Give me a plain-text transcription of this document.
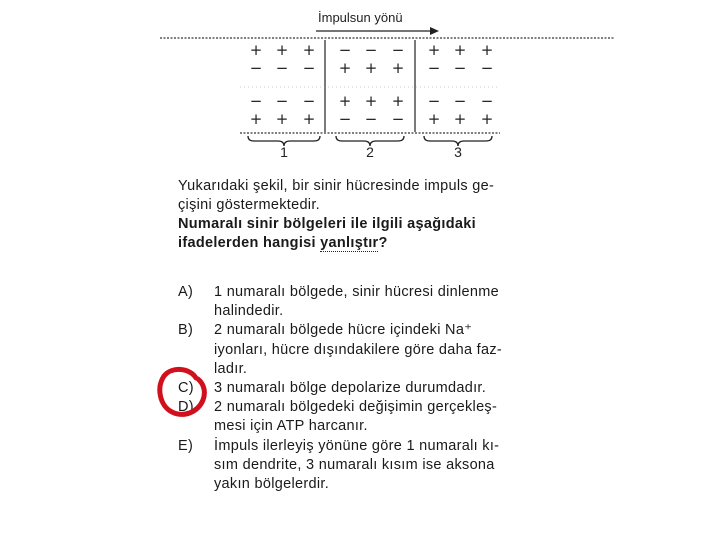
İmpulsun yönü
+ + + − − − + + +
− − − + + + − − −
− − − + + + − − −
+ + + − − − + + +
1	2	3
Yukarıdaki şekil, bir sinir hücresinde impuls ge-
çişini göstermektedir.
Numaralı sinir bölgeleri ile ilgili aşağıdaki
ifadelerden hangisi yanlıştır?
A) 1 numaralı bölgede, sinir hücresi dinlenme
halindedir.
B) 2 numaralı bölgede hücre içindeki Na⁺
iyonları, hücre dışındakilere göre daha faz-
ladır.
C) 3 numaralı bölge depolarize durumdadır.
D) 2 numaralı bölgedeki değişimin gerçekleş-
mesi için ATP harcanır.
E) İmpuls ilerleyiş yönüne göre 1 numaralı kı-
sım dendrite, 3 numaralı kısım ise aksona
yakın bölgelerdir.
